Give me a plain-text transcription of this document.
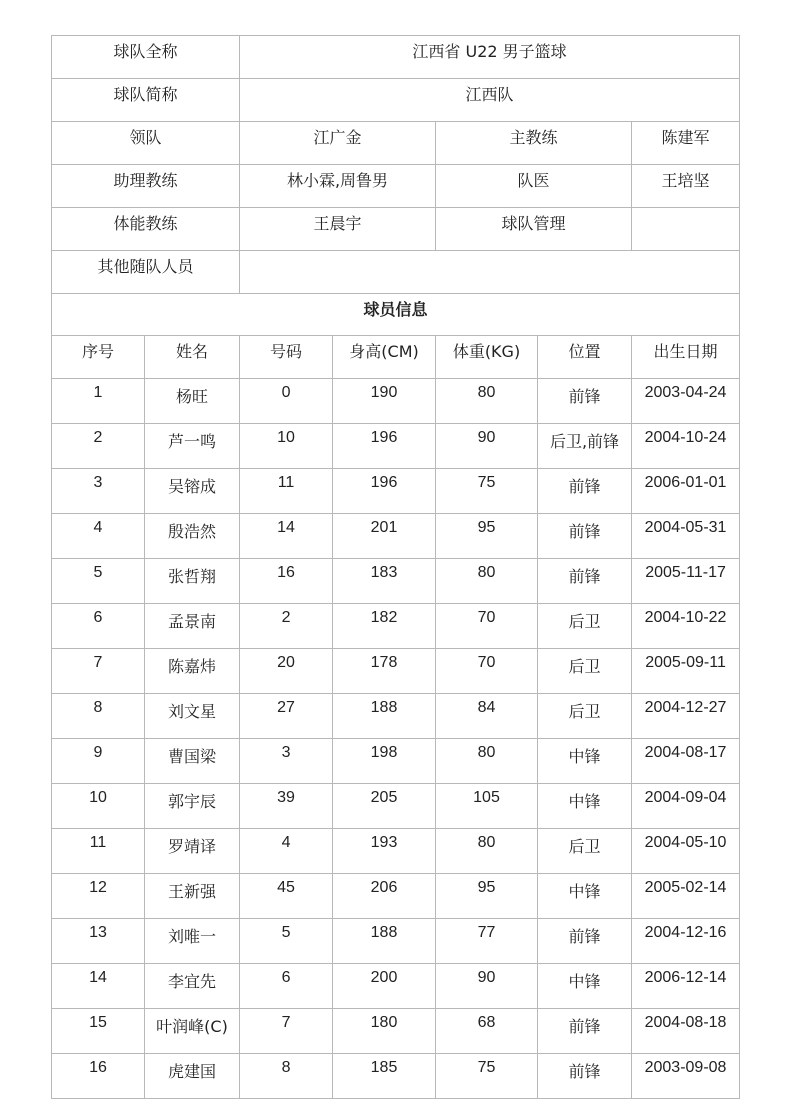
球队全称		江西省 U22 男子篮球				
球队简称		江西队				
领队		江广金		主教练		陈建军
助理教练		林小霖,周鲁男		队医		王培坚
体能教练		王晨宇		球队管理		
其他随队人员						
球员信息						
序号	姓名	号码	身高(CM)	体重(KG)	位置	出生日期
1	杨旺	0	190	80	前锋	2003-04-24
2	芦一鸣	10	196	90	后卫,前锋	2004-10-24
3	吴镕成	11	196	75	前锋	2006-01-01
4	殷浩然	14	201	95	前锋	2004-05-31
5	张哲翔	16	183	80	前锋	2005-11-17
6	孟景南	2	182	70	后卫	2004-10-22
7	陈嘉炜	20	178	70	后卫	2005-09-11
8	刘文星	27	188	84	后卫	2004-12-27
9	曹国梁	3	198	80	中锋	2004-08-17
10	郭宇辰	39	205	105	中锋	2004-09-04
11	罗靖译	4	193	80	后卫	2004-05-10
12	王新强	45	206	95	中锋	2005-02-14
13	刘唯一	5	188	77	前锋	2004-12-16
14	李宜先	6	200	90	中锋	2006-12-14
15	叶润峰(C)	7	180	68	前锋	2004-08-18
16	虎建国	8	185	75	前锋	2003-09-08
